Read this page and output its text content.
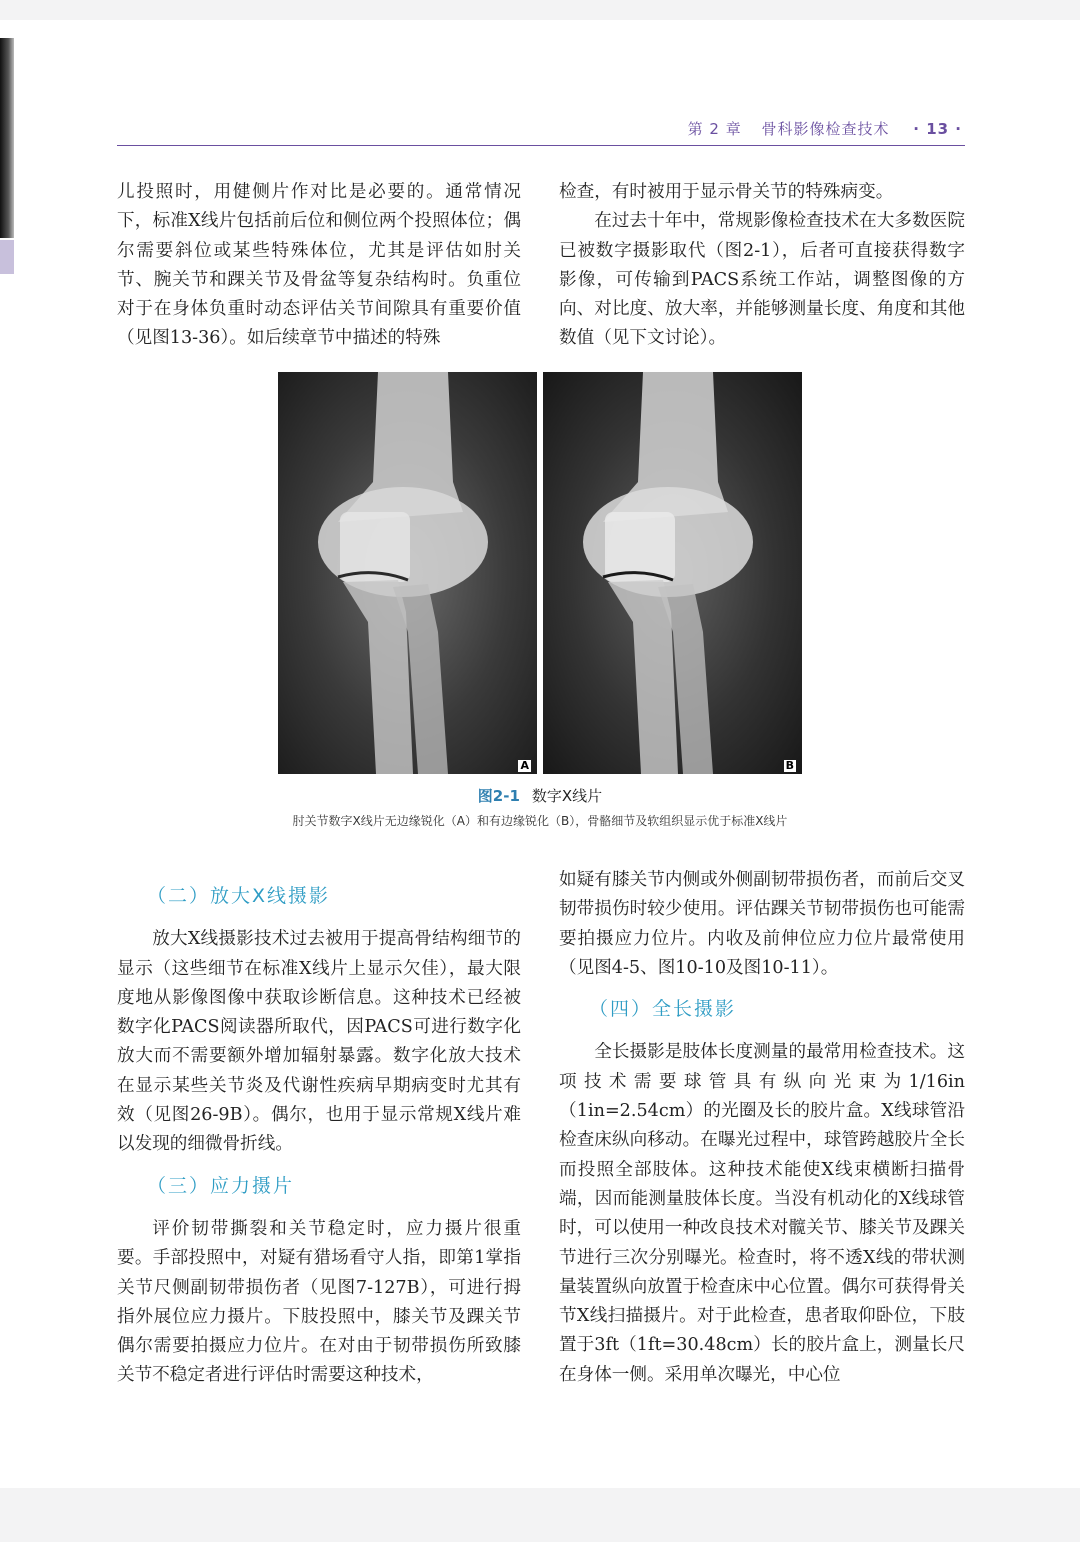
第 2 章 骨科影像检查技术 · 13 ·

儿投照时，用健侧片作对比是必要的。通常情况下，标准X线片包括前后位和侧位两个投照体位；偶尔需要斜位或某些特殊体位，尤其是评估如肘关节、腕关节和踝关节及骨盆等复杂结构时。负重位对于在身体负重时动态评估关节间隙具有重要价值（见图13-36）。如后续章节中描述的特殊

检查，有时被用于显示骨关节的特殊病变。

在过去十年中，常规影像检查技术在大多数医院已被数字摄影取代（图2-1），后者可直接获得数字影像，可传输到PACS系统工作站，调整图像的方向、对比度、放大率，并能够测量长度、角度和其他数值（见下文讨论）。

A	B
图2-1 数字X线片
肘关节数字X线片无边缘锐化（A）和有边缘锐化（B），骨骼细节及软组织显示优于标准X线片
（二）放大X线摄影

放大X线摄影技术过去被用于提高骨结构细节的显示（这些细节在标准X线片上显示欠佳），最大限度地从影像图像中获取诊断信息。这种技术已经被数字化PACS阅读器所取代，因PACS可进行数字化放大而不需要额外增加辐射暴露。数字化放大技术在显示某些关节炎及代谢性疾病早期病变时尤其有效（见图26-9B）。偶尔，也用于显示常规X线片难以发现的细微骨折线。

（三）应力摄片

评价韧带撕裂和关节稳定时，应力摄片很重要。手部投照中，对疑有猎场看守人指，即第1掌指关节尺侧副韧带损伤者（见图7-127B），可进行拇指外展位应力摄片。下肢投照中，膝关节及踝关节偶尔需要拍摄应力位片。在对由于韧带损伤所致膝关节不稳定者进行评估时需要这种技术，

如疑有膝关节内侧或外侧副韧带损伤者，而前后交叉韧带损伤时较少使用。评估踝关节韧带损伤也可能需要拍摄应力位片。内收及前伸位应力位片最常使用（见图4-5、图10-10及图10-11）。

（四）全长摄影

全长摄影是肢体长度测量的最常用检查技术。这项技术需要球管具有纵向光束为1/16in（1in=2.54cm）的光圈及长的胶片盒。X线球管沿检查床纵向移动。在曝光过程中，球管跨越胶片全长而投照全部肢体。这种技术能使X线束横断扫描骨端，因而能测量肢体长度。当没有机动化的X线球管时，可以使用一种改良技术对髋关节、膝关节及踝关节进行三次分别曝光。检查时，将不透X线的带状测量装置纵向放置于检查床中心位置。偶尔可获得骨关节X线扫描摄片。对于此检查，患者取仰卧位，下肢置于3ft（1ft=30.48cm）长的胶片盒上，测量长尺在身体一侧。采用单次曝光，中心位
